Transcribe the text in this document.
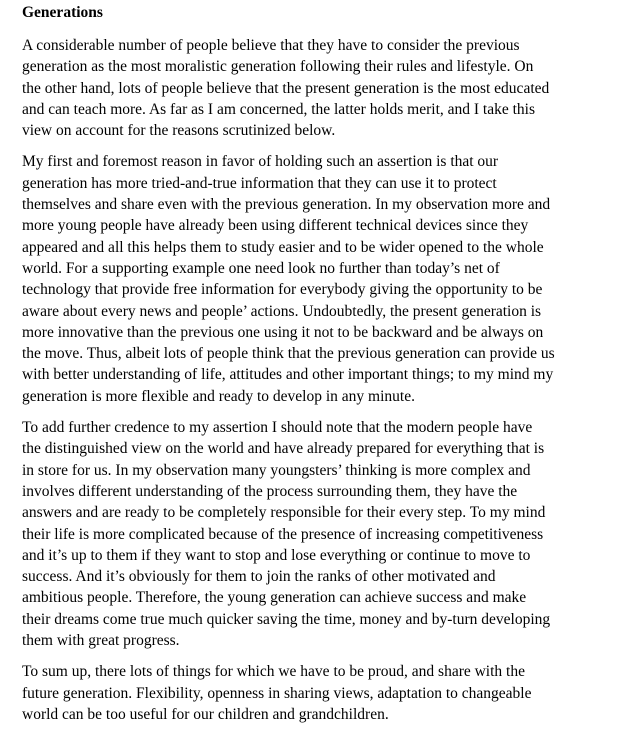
Generations
A considerable number of people believe that they have to consider the previous
generation as the most moralistic generation following their rules and lifestyle. On
the other hand, lots of people believe that the present generation is the most educated
and can teach more. As far as I am concerned, the latter holds merit, and I take this
view on account for the reasons scrutinized below.
My first and foremost reason in favor of holding such an assertion is that our
generation has more tried-and-true information that they can use it to protect
themselves and share even with the previous generation. In my observation more and
more young people have already been using different technical devices since they
appeared and all this helps them to study easier and to be wider opened to the whole
world. For a supporting example one need look no further than today’s net of
technology that provide free information for everybody giving the opportunity to be
aware about every news and people’ actions. Undoubtedly, the present generation is
more innovative than the previous one using it not to be backward and be always on
the move. Thus, albeit lots of people think that the previous generation can provide us
with better understanding of life, attitudes and other important things; to my mind my
generation is more flexible and ready to develop in any minute.
To add further credence to my assertion I should note that the modern people have
the distinguished view on the world and have already prepared for everything that is
in store for us. In my observation many youngsters’ thinking is more complex and
involves different understanding of the process surrounding them, they have the
answers and are ready to be completely responsible for their every step. To my mind
their life is more complicated because of the presence of increasing competitiveness
and it’s up to them if they want to stop and lose everything or continue to move to
success. And it’s obviously for them to join the ranks of other motivated and
ambitious people. Therefore, the young generation can achieve success and make
their dreams come true much quicker saving the time, money and by-turn developing
them with great progress.
To sum up, there lots of things for which we have to be proud, and share with the
future generation. Flexibility, openness in sharing views, adaptation to changeable
world can be too useful for our children and grandchildren.
